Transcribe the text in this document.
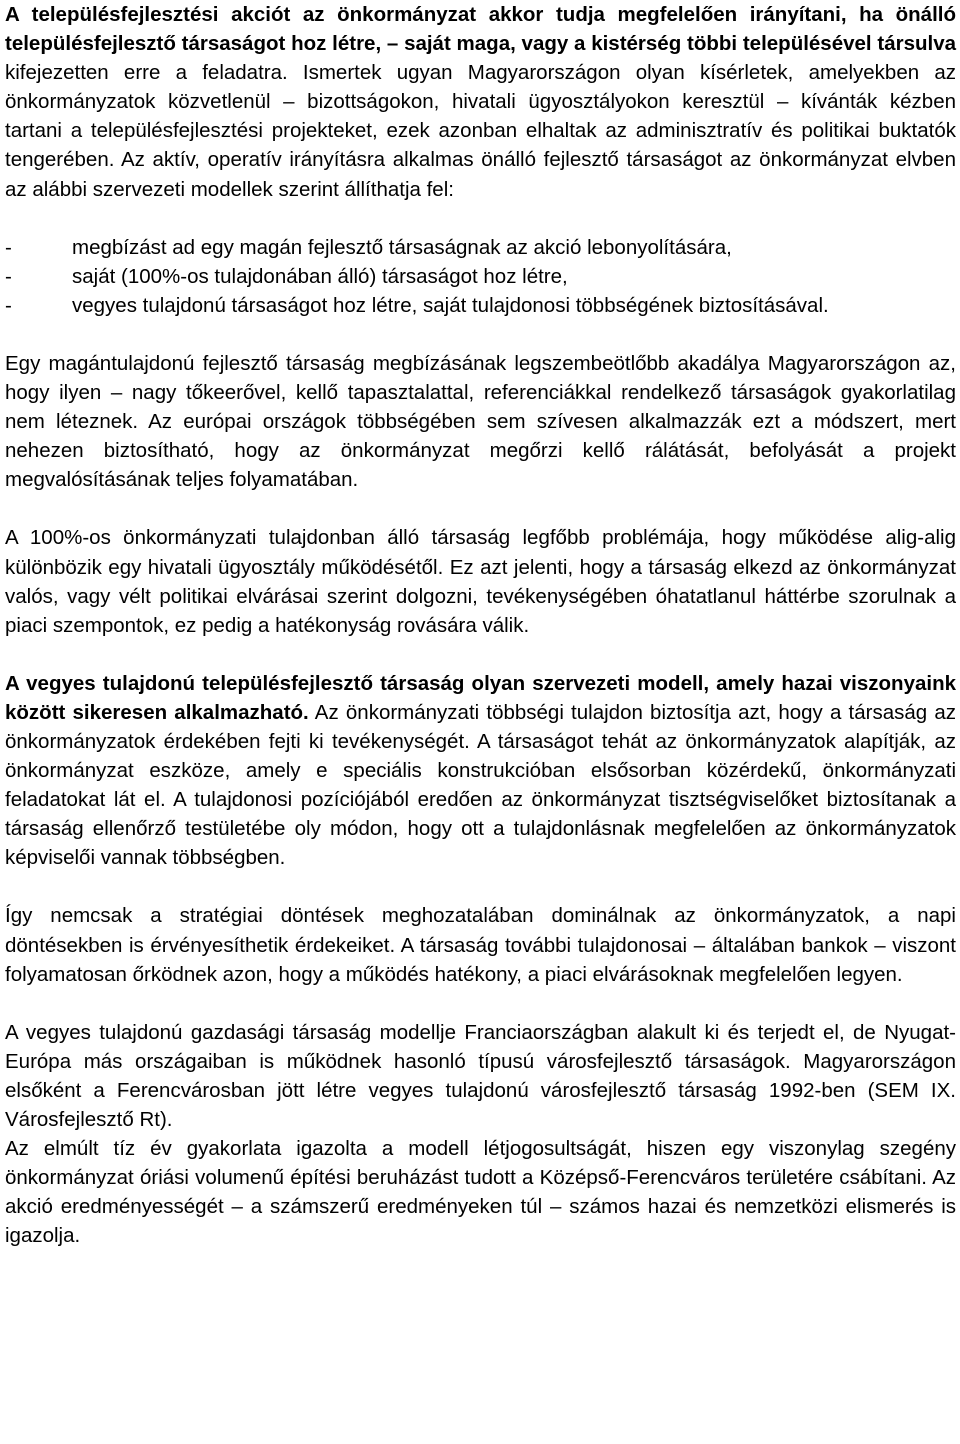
A településfejlesztési akciót az önkormányzat akkor tudja megfelelően irányítani, ha önálló településfejlesztő társaságot hoz létre, – saját maga, vagy a kistérség többi településével társulva kifejezetten erre a feladatra. Ismertek ugyan Magyarországon olyan kísérletek, amelyekben az önkormányzatok közvetlenül – bizottságokon, hivatali ügyosztályokon keresztül – kívánták kézben tartani a településfejlesztési projekteket, ezek azonban elhaltak az adminisztratív és politikai buktatók tengerében. Az aktív, operatív irányításra alkalmas önálló fejlesztő társaságot az önkormányzat elvben az alábbi szervezeti modellek szerint állíthatja fel:

-	megbízást ad egy magán fejlesztő társaságnak az akció lebonyolítására,
-	saját (100%-os tulajdonában álló) társaságot hoz létre,
-	vegyes tulajdonú társaságot hoz létre, saját tulajdonosi többségének biztosításával.

Egy magántulajdonú fejlesztő társaság megbízásának legszembeötlőbb akadálya Magyarországon az, hogy ilyen – nagy tőkeerővel, kellő tapasztalattal, referenciákkal rendelkező társaságok gyakorlatilag nem léteznek. Az európai országok többségében sem szívesen alkalmazzák ezt a módszert, mert nehezen biztosítható, hogy az önkormányzat megőrzi kellő rálátását, befolyását a projekt megvalósításának teljes folyamatában.

A 100%-os önkormányzati tulajdonban álló társaság legfőbb problémája, hogy működése alig-alig különbözik egy hivatali ügyosztály működésétől. Ez azt jelenti, hogy a társaság elkezd az önkormányzat valós, vagy vélt politikai elvárásai szerint dolgozni, tevékenységében óhatatlanul háttérbe szorulnak a piaci szempontok, ez pedig a hatékonyság rovására válik.

A vegyes tulajdonú településfejlesztő társaság olyan szervezeti modell, amely hazai viszonyaink között sikeresen alkalmazható. Az önkormányzati többségi tulajdon biztosítja azt, hogy a társaság az önkormányzatok érdekében fejti ki tevékenységét. A társaságot tehát az önkormányzatok alapítják, az önkormányzat eszköze, amely e speciális konstrukcióban elsősorban közérdekű, önkormányzati feladatokat lát el. A tulajdonosi pozíciójából eredően az önkormányzat tisztségviselőket biztosítanak a társaság ellenőrző testületébe oly módon, hogy ott a tulajdonlásnak megfelelően az önkormányzatok képviselői vannak többségben.

Így nemcsak a stratégiai döntések meghozatalában dominálnak az önkormányzatok, a napi döntésekben is érvényesíthetik érdekeiket. A társaság további tulajdonosai – általában bankok – viszont folyamatosan őrködnek azon, hogy a működés hatékony, a piaci elvárásoknak megfelelően legyen.

A vegyes tulajdonú gazdasági társaság modellje Franciaországban alakult ki és terjedt el, de Nyugat-Európa más országaiban is működnek hasonló típusú városfejlesztő társaságok. Magyarországon elsőként a Ferencvárosban jött létre vegyes tulajdonú városfejlesztő társaság 1992-ben (SEM IX. Városfejlesztő Rt).

Az elmúlt tíz év gyakorlata igazolta a modell létjogosultságát, hiszen egy viszonylag szegény önkormányzat óriási volumenű építési beruházást tudott a Középső-Ferencváros területére csábítani. Az akció eredményességét – a számszerű eredményeken túl – számos hazai és nemzetközi elismerés is igazolja.
